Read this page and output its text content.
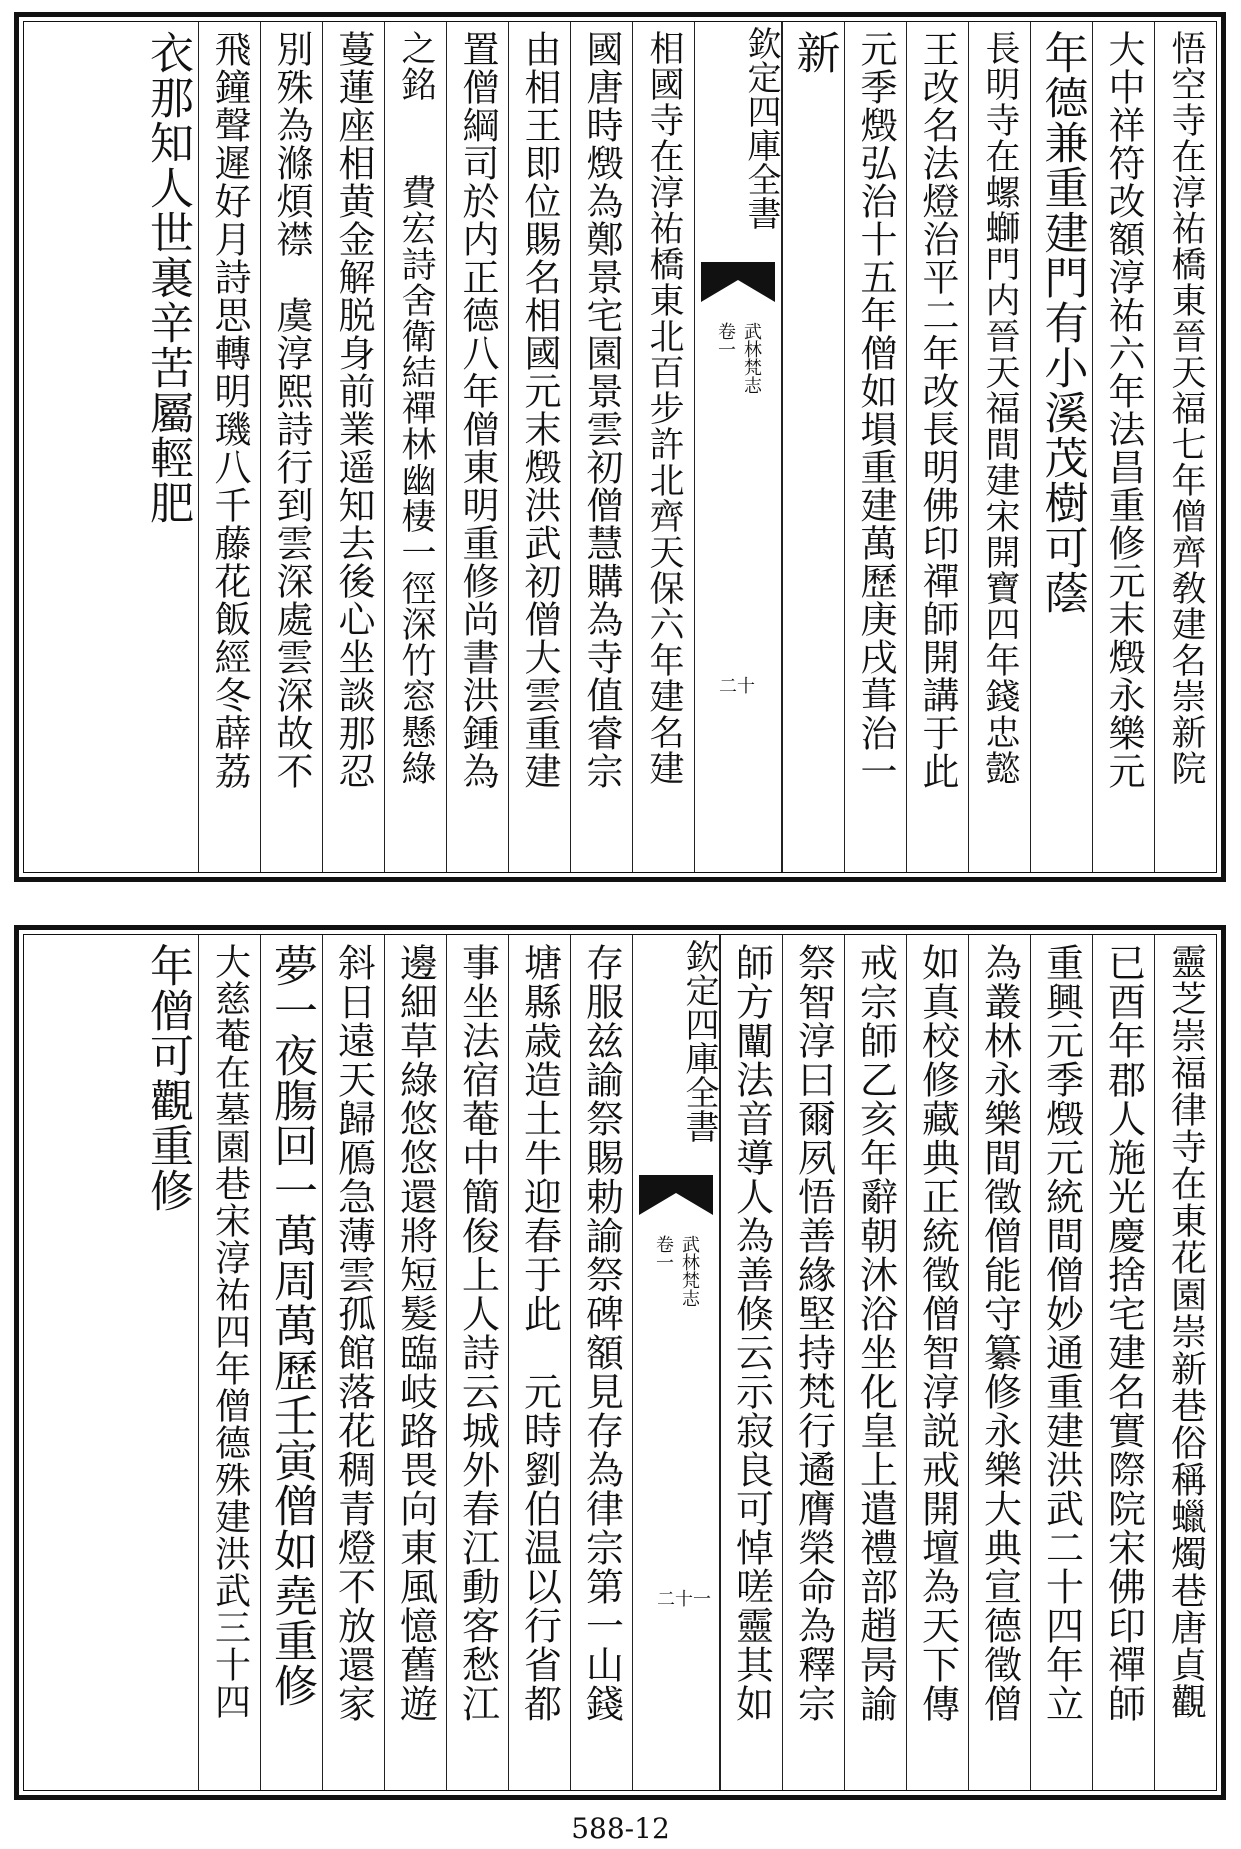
悟空寺在淳祐橋東晉天福七年僧齊敎建名崇新院
大中祥符改額淳祐六年法昌重修元末燬永樂元
年德兼重建門有小溪茂樹可蔭
長明寺在螺螄門内晉天福間建宋開寶四年錢忠懿
王改名法燈治平二年改長明佛印禪師開講于此
元季燬弘治十五年僧如塤重建萬歷庚戌葺治一
新
欽定四庫全書
武林梵志
卷一
二十
相國寺在淳祐橋東北百步許北齊天保六年建名建
國唐時燬為鄭景宅園景雲初僧慧購為寺值睿宗
由相王即位賜名相國元末燬洪武初僧大雲重建
置僧綱司於内正德八年僧東明重修尚書洪鍾為
之銘　　費宏詩舍衛結禪林幽棲一徑深竹窓懸綠
蔓蓮座相黄金解脱身前業遥知去後心坐談那忍
別殊為滌煩襟　虞淳熙詩行到雲深處雲深故不
飛鐘聲遲好月詩思轉明璣八千藤花飯經冬薜荔
衣那知人世裏辛苦屬輕肥
靈芝崇福律寺在東花園崇新巷俗稱蠟燭巷唐貞觀
已酉年郡人施光慶捨宅建名實際院宋佛印禪師
重興元季燬元統間僧妙通重建洪武二十四年立
為叢林永樂間徵僧能守纂修永樂大典宣德徵僧
如真校修藏典正統徵僧智淳説戒開壇為天下傳
戒宗師乙亥年辭朝沐浴坐化皇上遣禮部趙昺諭
祭智淳曰爾夙悟善緣堅持梵行遹膺榮命為釋宗
師方闡法音導人為善倏云示寂良可悼嗟靈其如
欽定四庫全書
武林梵志
卷一
二十一
存服兹諭祭賜勅諭祭碑額見存為律宗第一山錢
塘縣歳造土牛迎春于此　元時劉伯温以行省都
事坐法宿菴中簡俊上人詩云城外春江動客愁江
邊細草綠悠悠還將短髮臨岐路畏向東風憶舊遊
斜日遠天歸鴈急薄雲孤館落花稠青燈不放還家
夢一夜膓回一萬周萬歷壬寅僧如堯重修
大慈菴在墓園巷宋淳祐四年僧德殊建洪武三十四
年僧可觀重修
588-12
